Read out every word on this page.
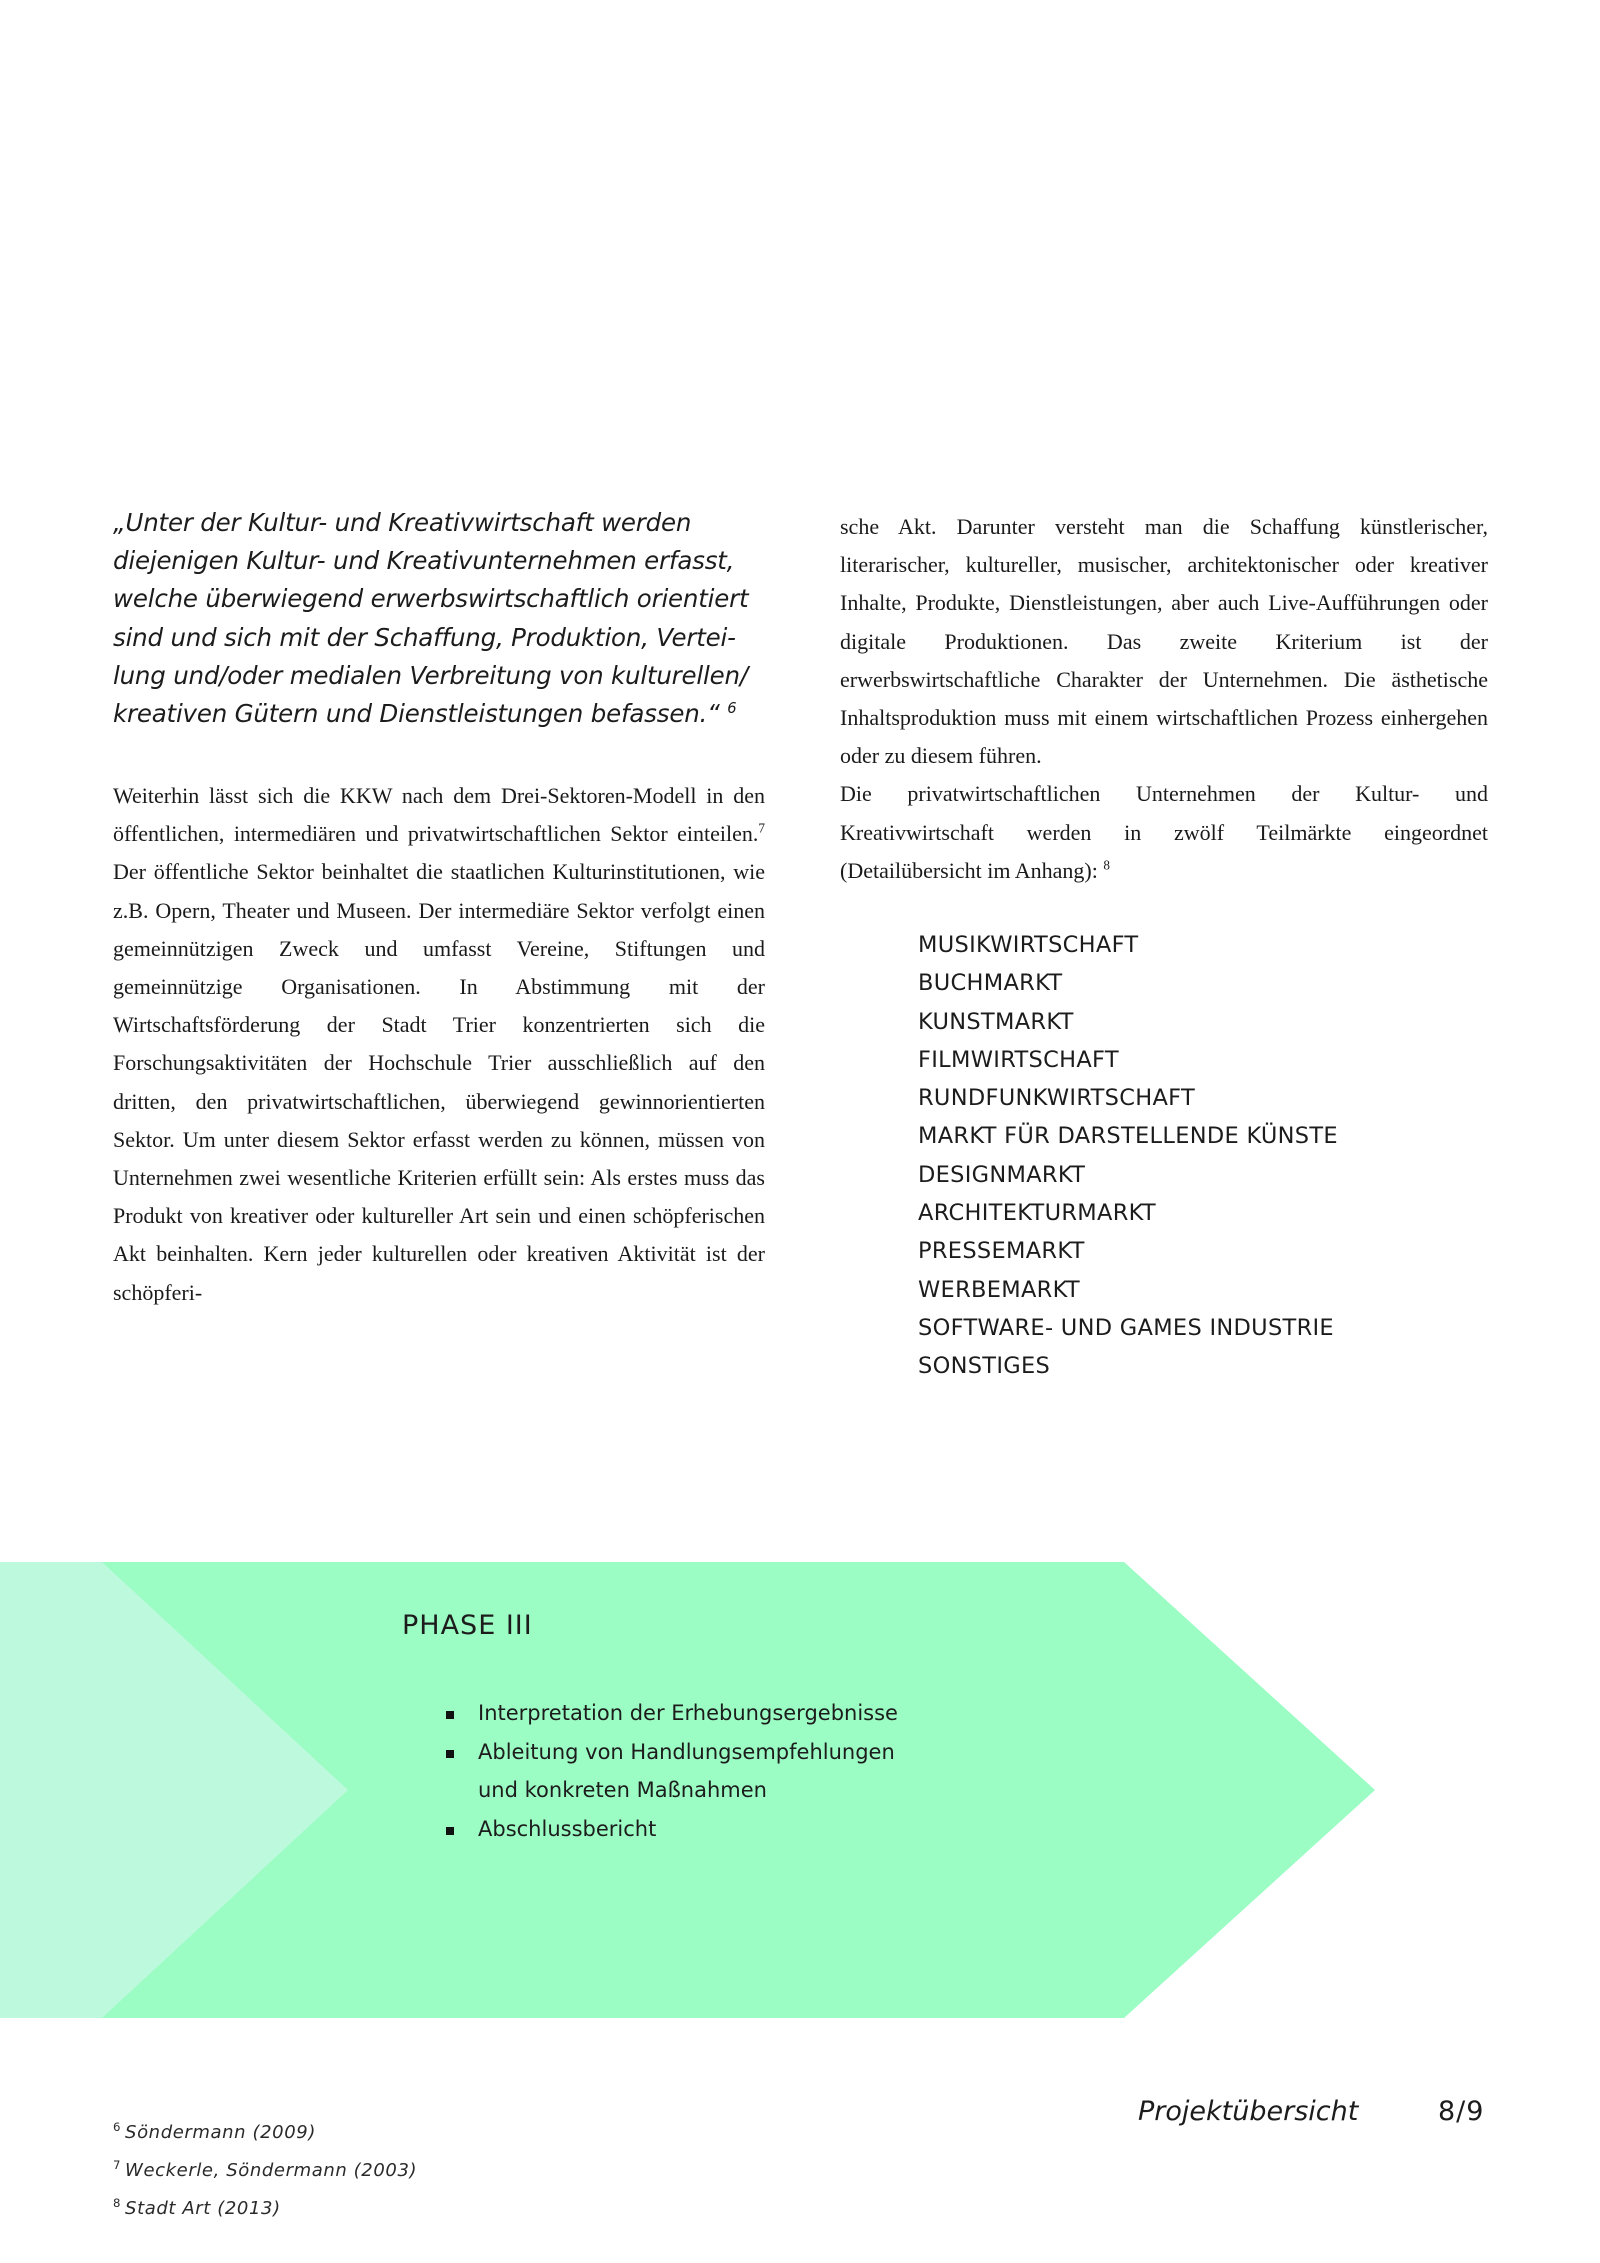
„Unter der Kultur- und Kreativwirtschaft werden
diejenigen Kultur- und Kreativunternehmen erfasst,
welche überwiegend erwerbswirtschaftlich orientiert
sind und sich mit der Schaffung, Produktion, Vertei-
lung und/oder medialen Verbreitung von kulturellen/
kreativen Gütern und Dienstleistungen befassen.“ $^6$

Weiterhin lässt sich die KKW nach dem Drei-Sektoren-Modell in den öffentlichen, intermediären und privatwirtschaftlichen Sektor einteilen.$^7$ Der öffentliche Sektor beinhaltet die staatlichen Kulturinstitutionen, wie z.B. Opern, Theater und Museen. Der intermediäre Sektor verfolgt einen gemeinnützigen Zweck und umfasst Vereine, Stiftungen und gemeinnützige Organisationen. In Abstimmung mit der Wirtschaftsförderung der Stadt Trier konzentrierten sich die Forschungsaktivitäten der Hochschule Trier ausschließlich auf den dritten, den privatwirtschaftlichen, überwiegend gewinnorientierten Sektor. Um unter diesem Sektor erfasst werden zu können, müssen von Unternehmen zwei wesentliche Kriterien erfüllt sein: Als erstes muss das Produkt von kreativer oder kultureller Art sein und einen schöpferischen Akt beinhalten. Kern jeder kulturellen oder kreativen Aktivität ist der schöpferi-

sche Akt. Darunter versteht man die Schaffung künstlerischer, literarischer, kultureller, musischer, architektonischer oder kreativer Inhalte, Produkte, Dienstleistungen, aber auch Live-Aufführungen oder digitale Produktionen. Das zweite Kriterium ist der erwerbswirtschaftliche Charakter der Unternehmen. Die ästhetische Inhaltsproduktion muss mit einem wirtschaftlichen Prozess einhergehen oder zu diesem führen.

Die privatwirtschaftlichen Unternehmen der Kultur- und Kreativwirtschaft werden in zwölf Teilmärkte eingeordnet (Detailübersicht im Anhang): $^8$

MUSIKWIRTSCHAFT
BUCHMARKT
KUNSTMARKT
FILMWIRTSCHAFT
RUNDFUNKWIRTSCHAFT
MARKT FÜR DARSTELLENDE KÜNSTE
DESIGNMARKT
ARCHITEKTURMARKT
PRESSEMARKT
WERBEMARKT
SOFTWARE- UND GAMES INDUSTRIE
SONSTIGES
PHASE III
Interpretation der Erhebungsergebnisse
Ableitung von Handlungsempfehlungen und konkreten Maßnahmen
Abschlussbericht
$^6$ Söndermann (2009)
$^7$ Weckerle, Söndermann (2003)
$^8$ Stadt Art (2013)
Projektübersicht	8/9
